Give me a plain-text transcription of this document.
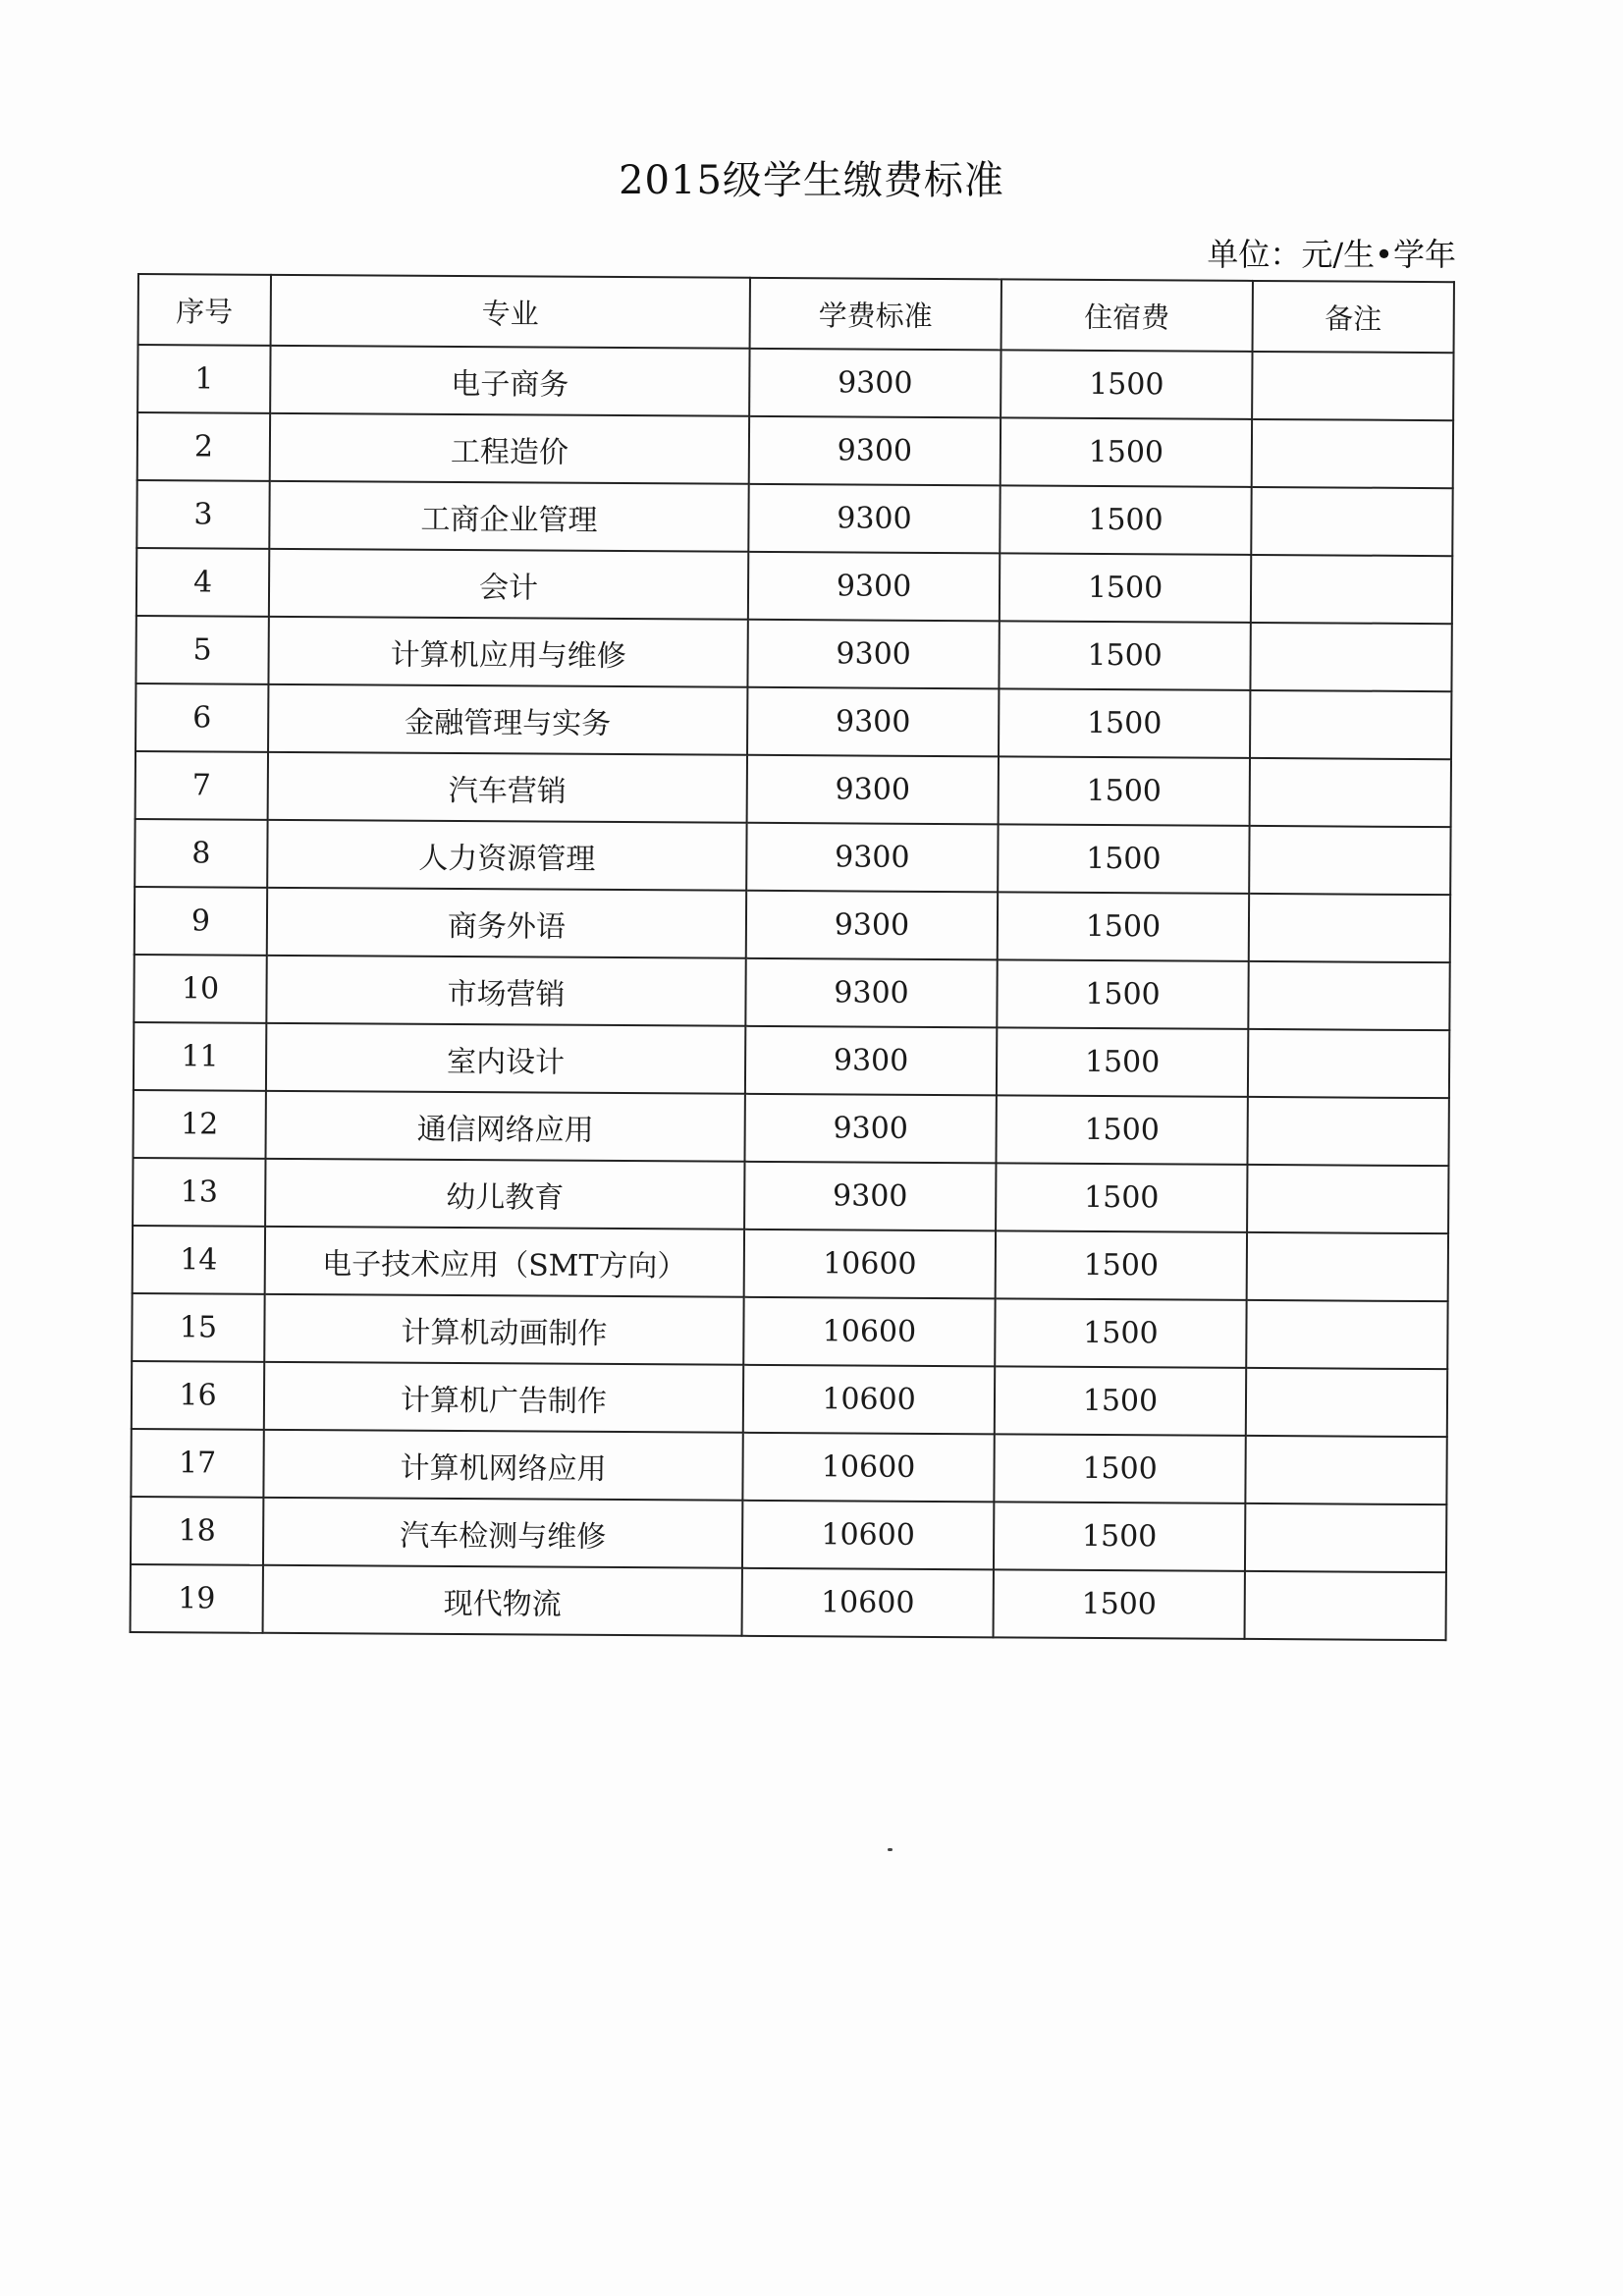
2015级学生缴费标准
单位：元/生•学年
序号	专业	学费标准	住宿费	备注
1	电子商务	9300	1500	
2	工程造价	9300	1500	
3	工商企业管理	9300	1500	
4	会计	9300	1500	
5	计算机应用与维修	9300	1500	
6	金融管理与实务	9300	1500	
7	汽车营销	9300	1500	
8	人力资源管理	9300	1500	
9	商务外语	9300	1500	
10	市场营销	9300	1500	
11	室内设计	9300	1500	
12	通信网络应用	9300	1500	
13	幼儿教育	9300	1500	
14	电子技术应用（SMT方向）	10600	1500	
15	计算机动画制作	10600	1500	
16	计算机广告制作	10600	1500	
17	计算机网络应用	10600	1500	
18	汽车检测与维修	10600	1500	
19	现代物流	10600	1500	
